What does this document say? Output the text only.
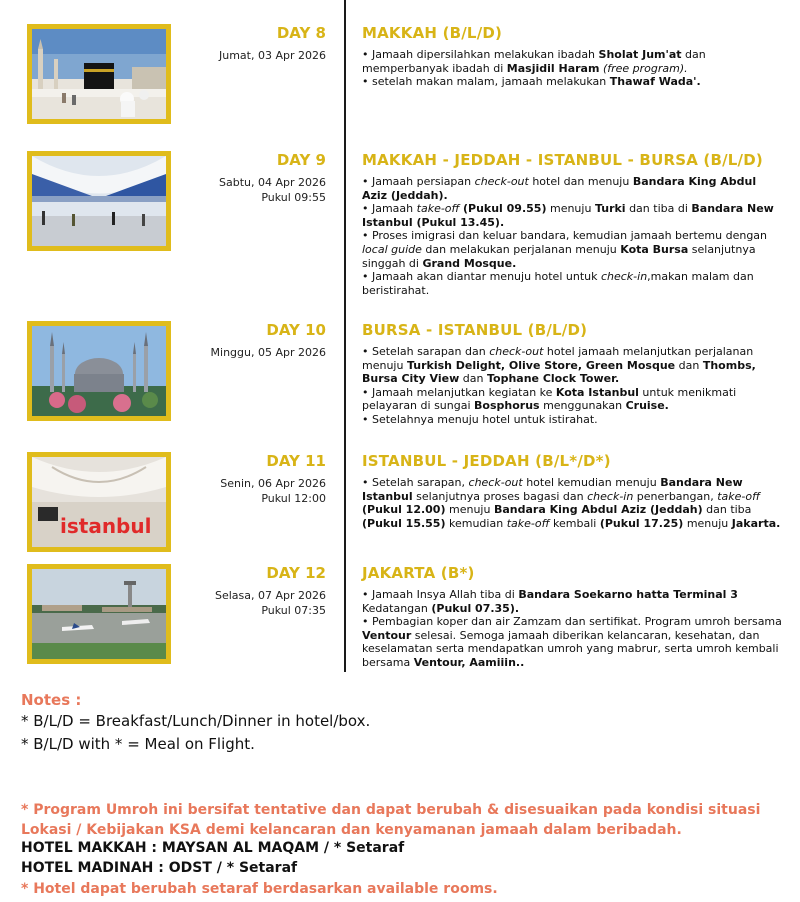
DAY 8
Jumat, 03 Apr 2026
MAKKAH (B/L/D)

• Jamaah dipersilahkan melakukan ibadah Sholat Jum'at dan memperbanyak ibadah di Masjidil Haram (free program).

• setelah makan malam, jamaah melakukan Thawaf Wada'.

DAY 9
Sabtu, 04 Apr 2026
Pukul 09:55
MAKKAH - JEDDAH - ISTANBUL - BURSA (B/L/D)

• Jamaah persiapan check-out hotel dan menuju Bandara King Abdul Aziz (Jeddah).

• Jamaah take-off (Pukul 09.55) menuju Turki dan tiba di Bandara New Istanbul (Pukul 13.45).

• Proses imigrasi dan keluar bandara, kemudian jamaah bertemu dengan local guide dan melakukan perjalanan menuju Kota Bursa selanjutnya singgah di Grand Mosque.

• Jamaah akan diantar menuju hotel untuk check-in,makan malam dan beristirahat.

DAY 10
Minggu, 05 Apr 2026
BURSA - ISTANBUL (B/L/D)

• Setelah sarapan dan check-out hotel jamaah melanjutkan perjalanan menuju Turkish Delight, Olive Store, Green Mosque dan Thombs, Bursa City View dan Tophane Clock Tower.

• Jamaah melanjutkan kegiatan ke Kota Istanbul untuk menikmati pelayaran di sungai Bosphorus menggunakan Cruise.

• Setelahnya menuju hotel untuk istirahat.

istanbul
DAY 11
Senin, 06 Apr 2026
Pukul 12:00
ISTANBUL - JEDDAH (B/L*/D*)

• Setelah sarapan, check-out hotel kemudian menuju Bandara New Istanbul selanjutnya proses bagasi dan check-in penerbangan, take-off (Pukul 12.00) menuju Bandara King Abdul Aziz (Jeddah) dan tiba (Pukul 15.55) kemudian take-off kembali (Pukul 17.25) menuju Jakarta.

DAY 12
Selasa, 07 Apr 2026
Pukul 07:35
JAKARTA (B*)

• Jamaah Insya Allah tiba di Bandara Soekarno hatta Terminal 3 Kedatangan (Pukul 07.35).

• Pembagian koper dan air Zamzam dan sertifikat. Program umroh bersama Ventour selesai. Semoga jamaah diberikan kelancaran, kesehatan, dan keselamatan serta mendapatkan umroh yang mabrur, serta umroh kembali bersama Ventour, Aamiiin..

Notes :
* B/L/D = Breakfast/Lunch/Dinner in hotel/box.
* B/L/D with * = Meal on Flight.
* Program Umroh ini bersifat tentative dan dapat berubah & disesuaikan pada kondisi situasi Lokasi / Kebijakan KSA demi kelancaran dan kenyamanan jamaah dalam beribadah.
HOTEL MAKKAH : MAYSAN AL MAQAM / * Setaraf
HOTEL MADINAH : ODST / * Setaraf
* Hotel dapat berubah setaraf berdasarkan available rooms.
